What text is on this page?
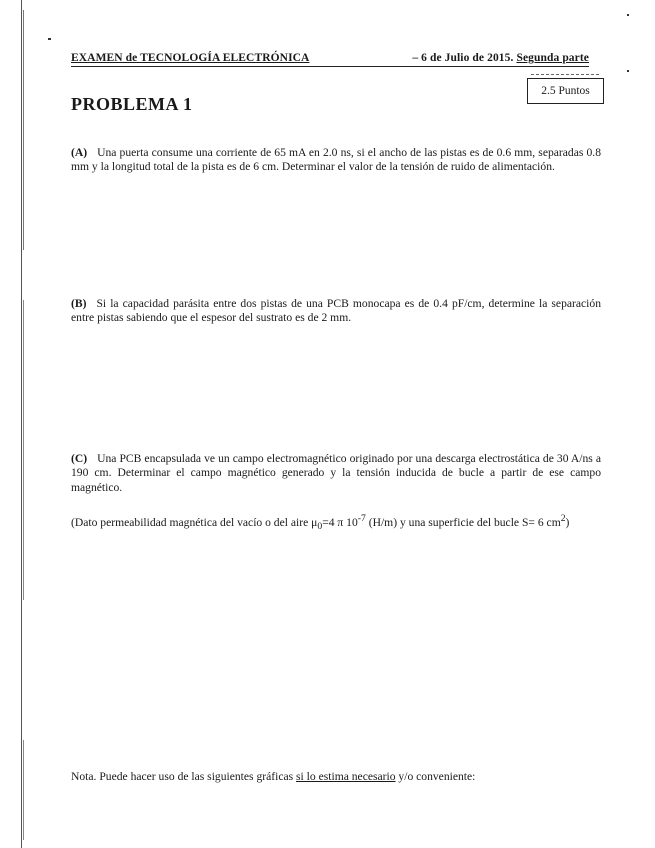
EXAMEN de TECNOLOGÍA ELECTRÓNICA	– 6 de Julio de 2015. Segunda parte
2.5 Puntos
PROBLEMA 1
(A) Una puerta consume una corriente de 65 mA en 2.0 ns, si el ancho de las pistas es de 0.6 mm, separadas 0.8 mm y la longitud total de la pista es de 6 cm. Determinar el valor de la tensión de ruido de alimentación.
(B) Si la capacidad parásita entre dos pistas de una PCB monocapa es de 0.4 pF/cm, determine la separación entre pistas sabiendo que el espesor del sustrato es de 2 mm.
(C) Una PCB encapsulada ve un campo electromagnético originado por una descarga electrostática de 30 A/ns a 190 cm. Determinar el campo magnético generado y la tensión inducida de bucle a partir de ese campo magnético.
(Dato permeabilidad magnética del vacío o del aire $\mu_0=4$ π $10^{-7}$ (H/m) y una superficie del bucle S= 6 $cm^2$)
Nota. Puede hacer uso de las siguientes gráficas si lo estima necesario y/o conveniente:
